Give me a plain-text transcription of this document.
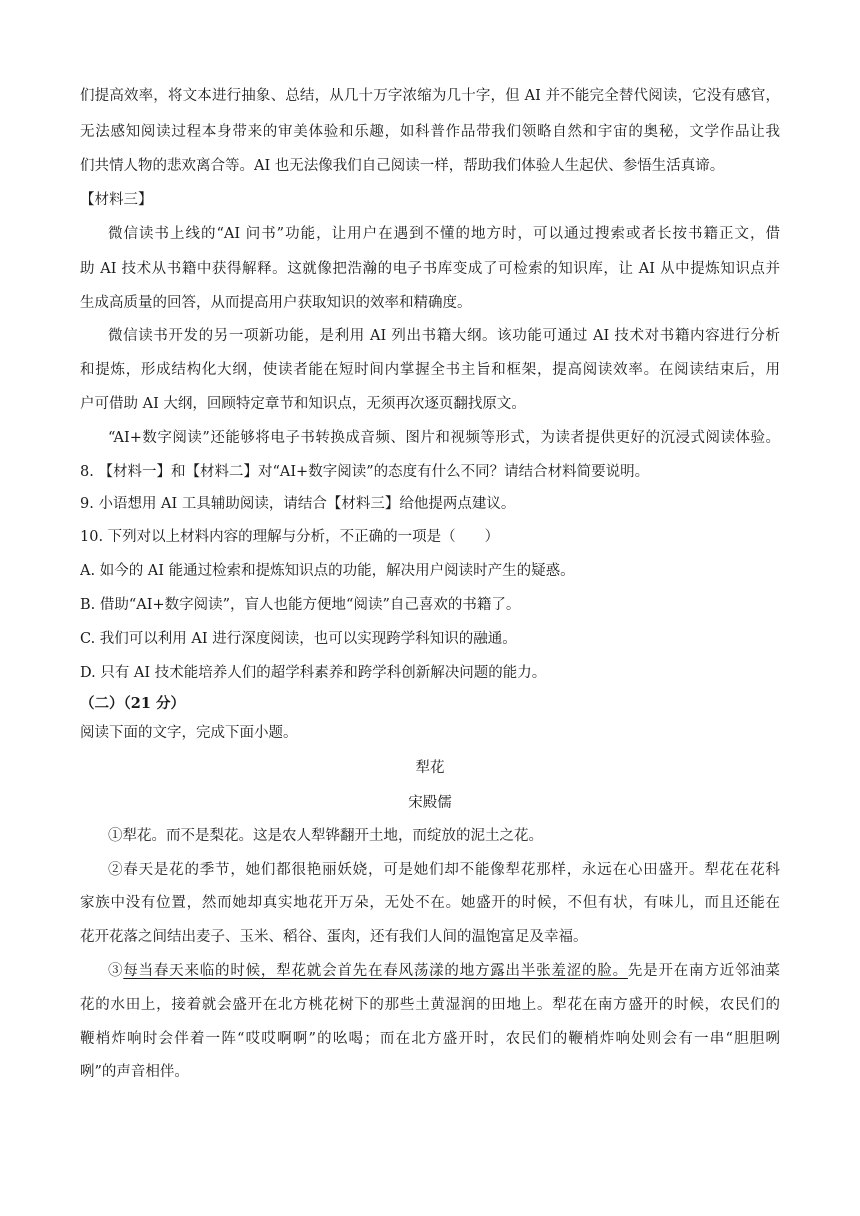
们提高效率，将文本进行抽象、总结，从几十万字浓缩为几十字，但 AI 并不能完全替代阅读，它没有感官，
无法感知阅读过程本身带来的审美体验和乐趣，如科普作品带我们领略自然和宇宙的奥秘，文学作品让我
们共情人物的悲欢离合等。AI 也无法像我们自己阅读一样，帮助我们体验人生起伏、参悟生活真谛。
【材料三】
微信读书上线的“AI 问书”功能，让用户在遇到不懂的地方时，可以通过搜索或者长按书籍正文，借
助 AI 技术从书籍中获得解释。这就像把浩瀚的电子书库变成了可检索的知识库，让 AI 从中提炼知识点并
生成高质量的回答，从而提高用户获取知识的效率和精确度。
微信读书开发的另一项新功能，是利用 AI 列出书籍大纲。该功能可通过 AI 技术对书籍内容进行分析
和提炼，形成结构化大纲，使读者能在短时间内掌握全书主旨和框架，提高阅读效率。在阅读结束后，用
户可借助 AI 大纲，回顾特定章节和知识点，无须再次逐页翻找原文。
“AI+数字阅读”还能够将电子书转换成音频、图片和视频等形式，为读者提供更好的沉浸式阅读体验。
8. 【材料一】和【材料二】对“AI+数字阅读”的态度有什么不同？请结合材料简要说明。
9. 小语想用 AI 工具辅助阅读，请结合【材料三】给他提两点建议。
10. 下列对以上材料内容的理解与分析，不正确的一项是（　　）
A. 如今的 AI 能通过检索和提炼知识点的功能，解决用户阅读时产生的疑惑。
B. 借助“AI+数字阅读”，盲人也能方便地“阅读”自己喜欢的书籍了。
C. 我们可以利用 AI 进行深度阅读，也可以实现跨学科知识的融通。
D. 只有 AI 技术能培养人们的超学科素养和跨学科创新解决问题的能力。
（二）（21 分）
阅读下面的文字，完成下面小题。
犁花
宋殿儒
①犁花。而不是梨花。这是农人犁铧翻开土地，而绽放的泥土之花。
②春天是花的季节，她们都很艳丽妖娆，可是她们却不能像犁花那样，永远在心田盛开。犁花在花科
家族中没有位置，然而她却真实地花开万朵，无处不在。她盛开的时候，不但有状，有味儿，而且还能在
花开花落之间结出麦子、玉米、稻谷、蛋肉，还有我们人间的温饱富足及幸福。
③每当春天来临的时候，犁花就会首先在春风荡漾的地方露出半张羞涩的脸。先是开在南方近邻油菜
花的水田上，接着就会盛开在北方桃花树下的那些土黄湿润的田地上。犁花在南方盛开的时候，农民们的
鞭梢炸响时会伴着一阵“哎哎啊啊”的吆喝；而在北方盛开时，农民们的鞭梢炸响处则会有一串“胆胆咧
咧”的声音相伴。
